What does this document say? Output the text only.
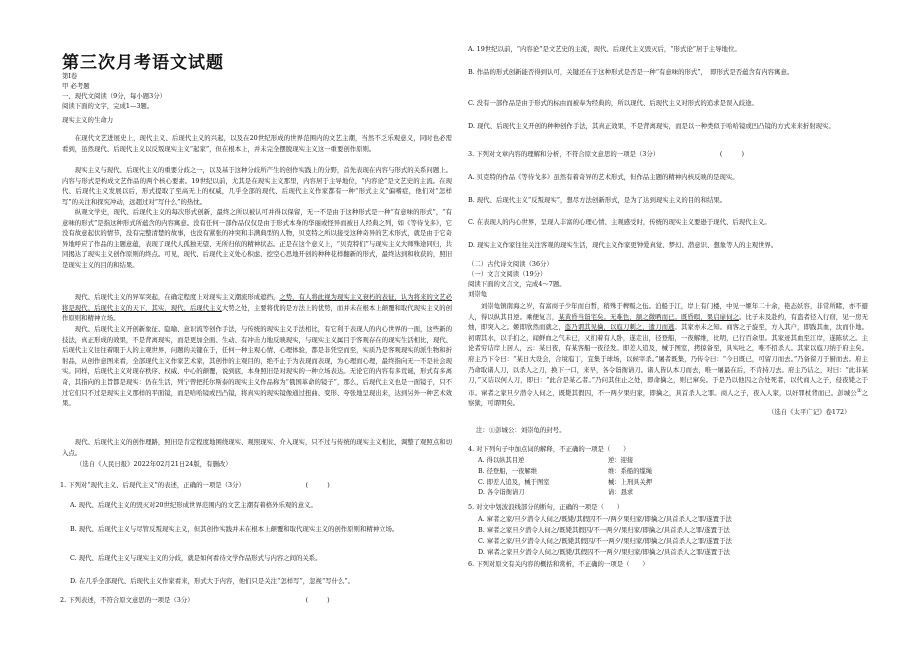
第三次月考语文试题
第Ⅰ卷
甲 必考题
一、现代文阅读（9分，每小题3分）
阅读下面的文字，完成1—3题。
现实主义的生命力
在现代文艺进展史上，现代主义、后现代主义的兴起，以及在20世纪形成的世界范围内的文艺主潮，当然不乏乐观意义，同时也必需看到，虽然现代、后现代主义以反叛现实主义“起家”，但在根本上，并未完全摆脱现实主义这一重要创作原则。
现实主义与现代、后现代主义的重要分歧之一，以及基于这种分歧所产生的创作实践上的分野，首先表现在内容与形式的关系问题上。内容与形式是构成文艺作品的两个核心要素。19世纪以前，尤其是在现实主义那里，内容居于主导地位，“内容论”是文艺史的主流。在现代、后现代主义发展以后，形式提取了至高无上的权威，几乎全部的现代、后现代主义作家都有一种“形式主义”偏嗜症，他们对“怎样写”的关注和探究冲动，远超过对“写什么”的热忱。
纵观文学史，现代、后现代主义的每次形式创新，最终之所以被认可并得以保留，无一不是由于这种形式是一种“有意味的形式”，“有意味的形式”是指这种形式所蕴含的内容寓意。没有任何一部作品仅仅是由于形式本身的华丽或怪异而被日人经典之列，如《等待戈多》，它没有故意起伏的情节，没有完整清楚的故事，也没有紧张的冲突和丰满典型的人物，贝克特之所以接受这种奇异的艺术形式，就是由于它奇异地呼应了作品的主题意蕴，表现了现代人孤独无望、无所归依的精神状态。正是在这个意义上，“贝克特们”与现实主义大师殊途同归，共同揭达了现实主义创作原则的终点。可见，现代、后现代主义处心积虑、挖空心思地开创的种种花样翻新的形式，最终达到和收获的，照旧是现实主义的目的和结果。
现代、后现代主义的异军突起，在确定程度上对现实主义潮流形成遮挡，之势，有人将此视为现实主义衰朽的表征，认为将来的文艺必将是现代、后现代主义的天下，其实，现代、后现代主义大势之处，主要将优的是方法上的优势，而并未在根本上颠覆和取代现实主义的创作原则和精神立场。
现代、后现代主义开创新象征、隐喻、意识流等创作手法，与传统的现实主义手法相比，有它利于表现人的内心世界的一面，这些新的技法，真正形成的效果，不是背离现实，而是更加全面、生动、有冲击力地反映现实，与现实主义属目于客观存在的现实生活相比，现代、后现代主义往往着眼于人的主观世界，问题的关键在于，任何一种主观心情、心理体验，都是非凭空而至，实质乃是客观现实的派生物和折射品，从创作意图来看，全部现代主义作家艺术家，其创作的主观目的，绝不止于为表现而表现，为心理而心理，最终指向无一不是社会现实。同样，后现代主义对现存秩序、权威、中心的颠覆，说到底，本身照旧是对现实的一种立场表达。无论它的内容有多荒诞，形式有多离奇，其指向的主旨都是现实：仍在生活，列宁曾把托尔斯泰的现实主义作品称为“俄国革命的镜子”，那么，后现代主义也是一面镜子，只不过它们只不过是现实主义那样的平面镜，而是哈哈镜或凹凸镜，将真实的现实镜像通过扭曲、变形、夸张地呈现出来，达到另外一种艺术效果。
现代、后现代主义的创作理路，照旧是肯定程度地围绕现实、观照现实、介入现实，只不过与传统的现实主义相比，调整了观照点和切入点。
（选自《人民日报》2022年02月21日24版，有删改）
1. 下列对“现代主义、后现代主义”的表述，正确的一项是（3分）　　　　　　　　　　(　　　)
A. 现代、后现代主义的毁灭对20世纪形成世界范围内的文艺主潮有着格外乐观的意义。
B. 现代、后现代主义与尽管反叛现实主义，但其创作实践并未在根本上颠覆和取代现实主义的创作原则和精神立场。
C. 现代、后现代主义与现实主义的分歧，就是如何看待文学作品形式与内容之间的关系。
D. 在几乎全部现代、后现代主义作家看来，形式大于内容，他们只是关注“怎样写”，忽视“写什么”。
2. 下列表述，不符合原文意思的一项是（3分）　　　　　　　　　　　　　　　　　　(　　　)
A. 19世纪以前，“内容论”是文艺史的主流，现代、后现代主义毁灭后，“形式论”居于主导地位。
B. 作品的形式创新能否得到认可，关键还在于这种形式是否是一种“有意味的形式”，　即形式是否蕴含有内容寓意。
C. 没有一部作品是由于形式的标由而被奉为经典的，所以现代、后现代主义对形式的追求是误入歧途。
D. 现代、后现代主义开创的种种创作手法，其真正效果，不是背离现实，而是以一种类似于哈哈镜或凹凸镜的方式来来折射现实。
3. 下列对文章内容的理解和分析，不符合原文意思的一项是（3分）　　　　　　　　　　(　　　)
A. 贝克特的作品《等待戈多》虽然有着奇异的艺术形式，但作品主题的精神内核反映的是现实。
B. 现代、后现代主义“反叛现实”，想尽方法创新形式，是为了达到现实主义的目的和结果。
C. 在表现人的内心世界，呈现人丰富的心理心情、主观感受时，传统的现实主义要逊于现代、后现代主义。
D. 现实主义作家往往关注客观的现实生活，现代主义作家更钟爱真觉、梦幻、潜意识、想象等人的主观世界。
（二）古代诗文阅读（36分）
（一）文言文阅读（19分）
阅读下面的文言文，完成4～7题。
刘崇龟
刘崇龟镇南海之岁，有富商子少年而白皙，稍殊于稗贩之伍。泊船于江，岸上有门楼，中见一姬年二十余，艳态妖容，非常所睹，亦不避人，得以纵其目逆。乘便复言，某黄昏当诣宅矣。无难色，颔之微哂而已。既昏暝，果启扉伺之。比子未及赴约，有盗者径入行窃，见一房无烛，即突入之。姬即欣然而就之，盗乃谓其见擒，以庖刀刺之，遗刀而逃。其家亦未之知。商客之子旋至，方入其户，即践其血，汰而仆地。初谓其水，以手扪之，闻鲜血之气未已，又扪着有人卧，遂走出，径登船，一夜解维，比明，已行百余里。其家迹其血至江岸，遂陈状之。主论者穷诘岸上居人，云：某日夜，有某客船一夜径发。即差人追及，械于图室，拷掠备至，具实吐之，唯不招杀人。其家以庖刀纳于府主矣。府主乃下令曰：“某日大设会，合境庖丁，宜集于球场，以候宰杀。”屠者既集，乃传令曰：“今日既已，可留刀而去。”乃备留刀于厨而去。府主乃命取诸人刀，以杀人之刀，换下一口，来早，各令诣衙请刀。诸人皆认本刀而去，唯一屠最在后，不肯持刀去。府主乃诘之，对曰：“此非某刀，”又诘以何人刀，即曰：“此合是某乙者。”乃问其住止之处，即命擒之，则已窜矣。于是乃以他囚之合处死者，以代商人之子，侵夜毙之于市。窜者之家旦夕潜令人伺之，既毙其假囚，不一两夕果归家，即擒之，具首杀人之罪。商人之子，夜入人家，以奸罪杖背而已。彭城公①之察狱，可谓明矣。
（选自《太平广记》卷172）
注：①彭城公：刘崇龟的封号。
4. 对下列句子中加点词的解释，不正确的一项是（　　）
A. 得以纵其目逆	逆：迎接
B. 径登船，一夜解维	维：系船的缆绳
C. 即差人追及，械于图室	械：上刑具关押
D. 各令诣衙请刀	请：恳求
5. 对文中划波浪线部分的断句，正确的一项是（　　）
A. 窜者之家/旦夕潜令人伺之/既毙/其假囚不一/两夕果归家/即擒之/具首杀人之罪/遂置于法
B. 窜者之家旦夕潜令人伺之/既毙其假囚/不一两夕/果归家/即擒之/具首杀人之罪/遂置于法
C. 窜者之家/旦夕潜令人伺之/既毙其假囚/不一两夕/果归家/即擒之/具首杀人之罪/遂置于法
D. 窜者之家旦夕潜令人伺之/既毙/其假囚不一两夕/果归家/即擒之/具首杀人之罪/遂置于法
6. 下列对原文有关内容的概括和赏析，不正确的一项是（　　）
